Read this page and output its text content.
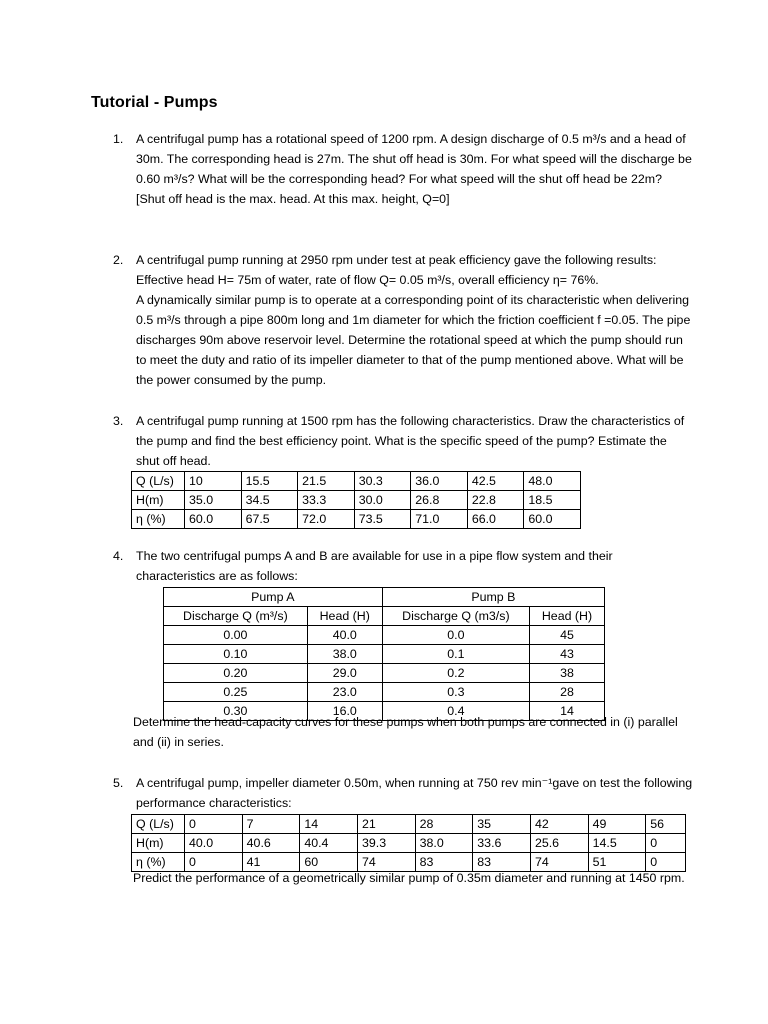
Tutorial - Pumps
1. A centrifugal pump has a rotational speed of 1200 rpm. A design discharge of 0.5 m³/s and a head of 30m. The corresponding head is 27m. The shut off head is 30m. For what speed will the discharge be 0.60 m³/s? What will be the corresponding head? For what speed will the shut off head be 22m?

[Shut off head is the max. head. At this max. height, Q=0]

2. A centrifugal pump running at 2950 rpm under test at peak efficiency gave the following results:

Effective head H= 75m of water, rate of flow Q= 0.05 m³/s, overall efficiency η= 76%.

A dynamically similar pump is to operate at a corresponding point of its characteristic when delivering 0.5 m³/s through a pipe 800m long and 1m diameter for which the friction coefficient f =0.05. The pipe discharges 90m above reservoir level. Determine the rotational speed at which the pump should run to meet the duty and ratio of its impeller diameter to that of the pump mentioned above. What will be the power consumed by the pump.

3. A centrifugal pump running at 1500 rpm has the following characteristics. Draw the characteristics of the pump and find the best efficiency point. What is the specific speed of the pump? Estimate the shut off head.

Q (L/s)	10	15.5	21.5	30.3	36.0	42.5	48.0
H(m)	35.0	34.5	33.3	30.0	26.8	22.8	18.5
η (%)	60.0	67.5	72.0	73.5	71.0	66.0	60.0
4. The two centrifugal pumps A and B are available for use in a pipe flow system and their characteristics are as follows:

Pump A		Pump B	
Discharge Q (m³/s)	Head (H)	Discharge Q (m3/s)	Head (H)
0.00	40.0	0.0	45
0.10	38.0	0.1	43
0.20	29.0	0.2	38
0.25	23.0	0.3	28
0.30	16.0	0.4	14

Determine the head-capacity curves for these pumps when both pumps are connected in (i) parallel and (ii) in series.

5. A centrifugal pump, impeller diameter 0.50m, when running at 750 rev min⁻¹gave on test the following performance characteristics:

Q (L/s)	0	7	14	21	28	35	42	49	56
H(m)	40.0	40.6	40.4	39.3	38.0	33.6	25.6	14.5	0
η (%)	0	41	60	74	83	83	74	51	0

Predict the performance of a geometrically similar pump of 0.35m diameter and running at 1450 rpm.
